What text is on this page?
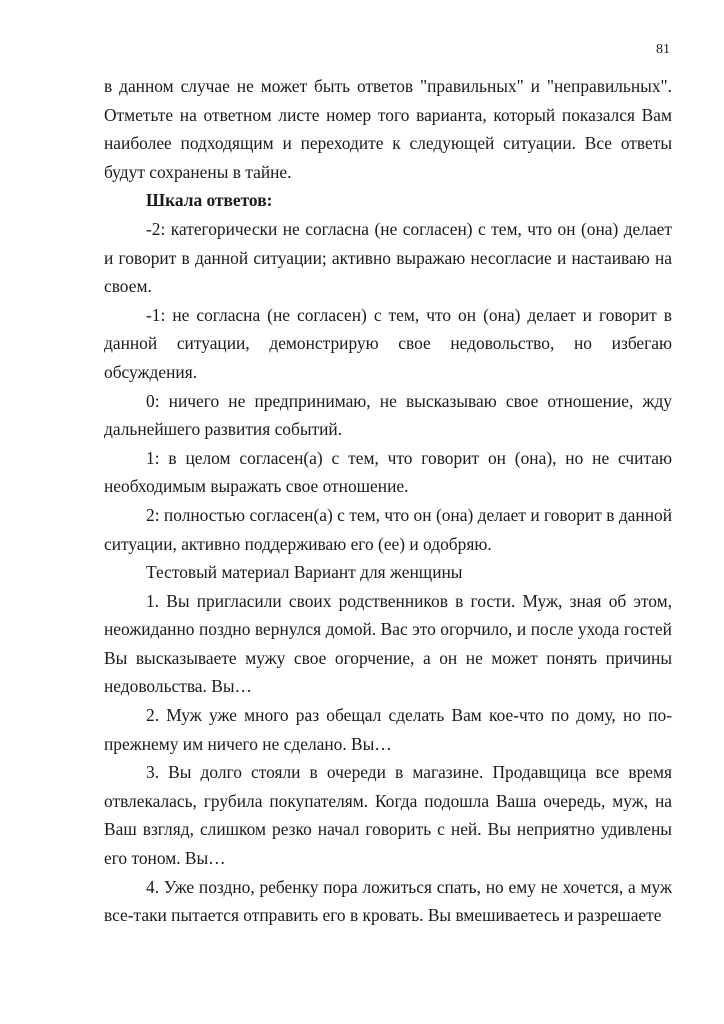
81

в данном случае не может быть ответов "правильных" и "неправильных". Отметьте на ответном листе номер того варианта, который показался Вам наиболее подходящим и переходите к следующей ситуации. Все ответы будут сохранены в тайне.

Шкала ответов:

-2: категорически не согласна (не согласен) с тем, что он (она) делает и говорит в данной ситуации; активно выражаю несогласие и настаиваю на своем.

-1: не согласна (не согласен) с тем, что он (она) делает и говорит в данной ситуации, демонстрирую свое недовольство, но избегаю обсуждения.

0: ничего не предпринимаю, не высказываю свое отношение, жду дальнейшего развития событий.

1: в целом согласен(а) с тем, что говорит он (она), но не считаю необходимым выражать свое отношение.

2: полностью согласен(а) с тем, что он (она) делает и говорит в данной ситуации, активно поддерживаю его (ее) и одобряю.

Тестовый материал Вариант для женщины

1. Вы пригласили своих родственников в гости. Муж, зная об этом, неожиданно поздно вернулся домой. Вас это огорчило, и после ухода гостей Вы высказываете мужу свое огорчение, а он не может понять причины недовольства. Вы…

2. Муж уже много раз обещал сделать Вам кое-что по дому, но по-прежнему им ничего не сделано. Вы…

3. Вы долго стояли в очереди в магазине. Продавщица все время отвлекалась, грубила покупателям. Когда подошла Ваша очередь, муж, на Ваш взгляд, слишком резко начал говорить с ней. Вы неприятно удивлены его тоном. Вы…

4. Уже поздно, ребенку пора ложиться спать, но ему не хочется, а муж все-таки пытается отправить его в кровать. Вы вмешиваетесь и разрешаете
